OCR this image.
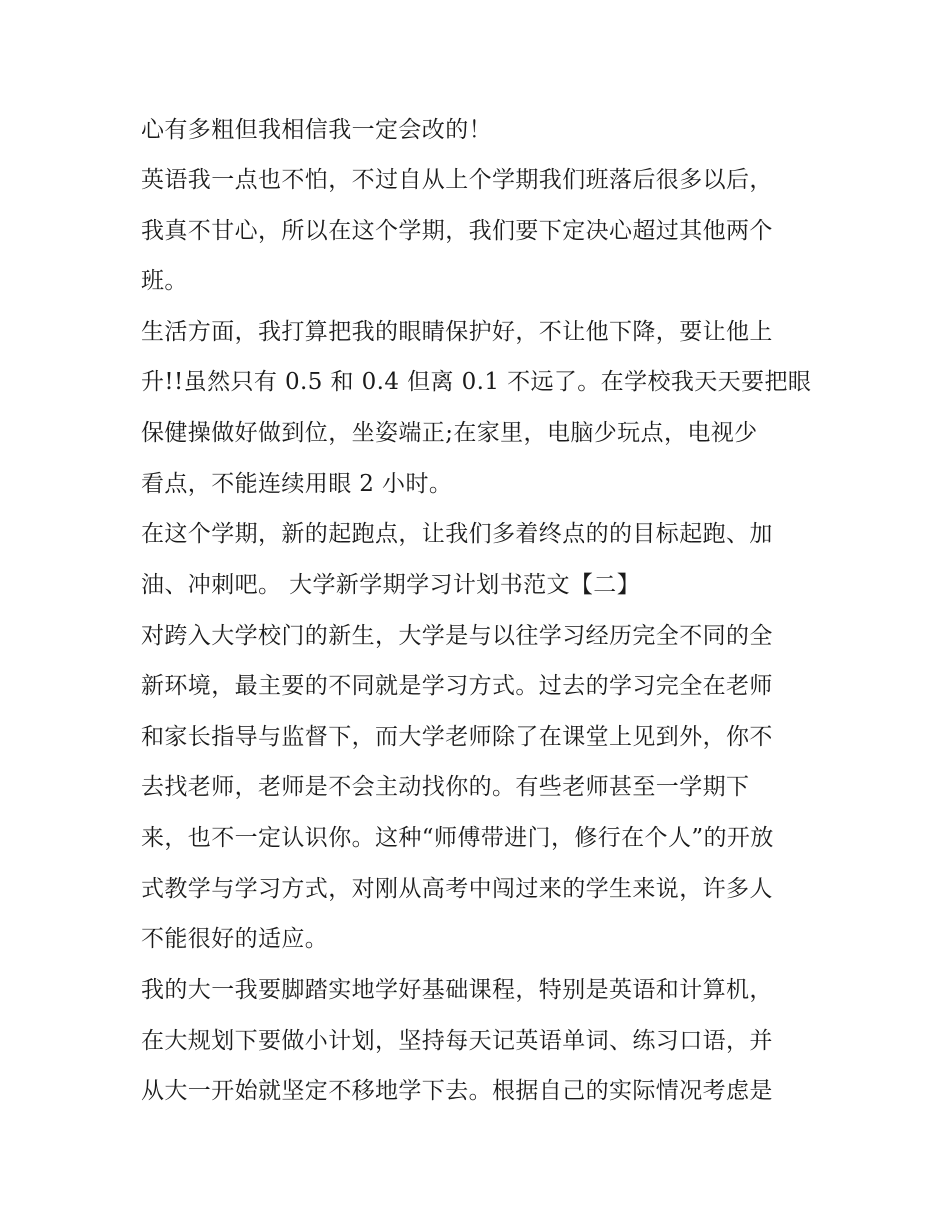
心有多粗但我相信我一定会改的！
英语我一点也不怕，不过自从上个学期我们班落后很多以后，
我真不甘心，所以在这个学期，我们要下定决心超过其他两个
班。
生活方面，我打算把我的眼睛保护好，不让他下降，要让他上
升!!虽然只有 0.5 和 0.4 但离 0.1 不远了。在学校我天天要把眼
保健操做好做到位，坐姿端正;在家里，电脑少玩点，电视少
看点，不能连续用眼 2 小时。
在这个学期，新的起跑点，让我们多着终点的的目标起跑、加
油、冲刺吧。 大学新学期学习计划书范文【二】
对跨入大学校门的新生，大学是与以往学习经历完全不同的全
新环境，最主要的不同就是学习方式。过去的学习完全在老师
和家长指导与监督下，而大学老师除了在课堂上见到外，你不
去找老师，老师是不会主动找你的。有些老师甚至一学期下
来，也不一定认识你。这种“师傅带进门，修行在个人”的开放
式教学与学习方式，对刚从高考中闯过来的学生来说，许多人
不能很好的适应。
我的大一我要脚踏实地学好基础课程，特别是英语和计算机，
在大规划下要做小计划，坚持每天记英语单词、练习口语，并
从大一开始就坚定不移地学下去。根据自己的实际情况考虑是
